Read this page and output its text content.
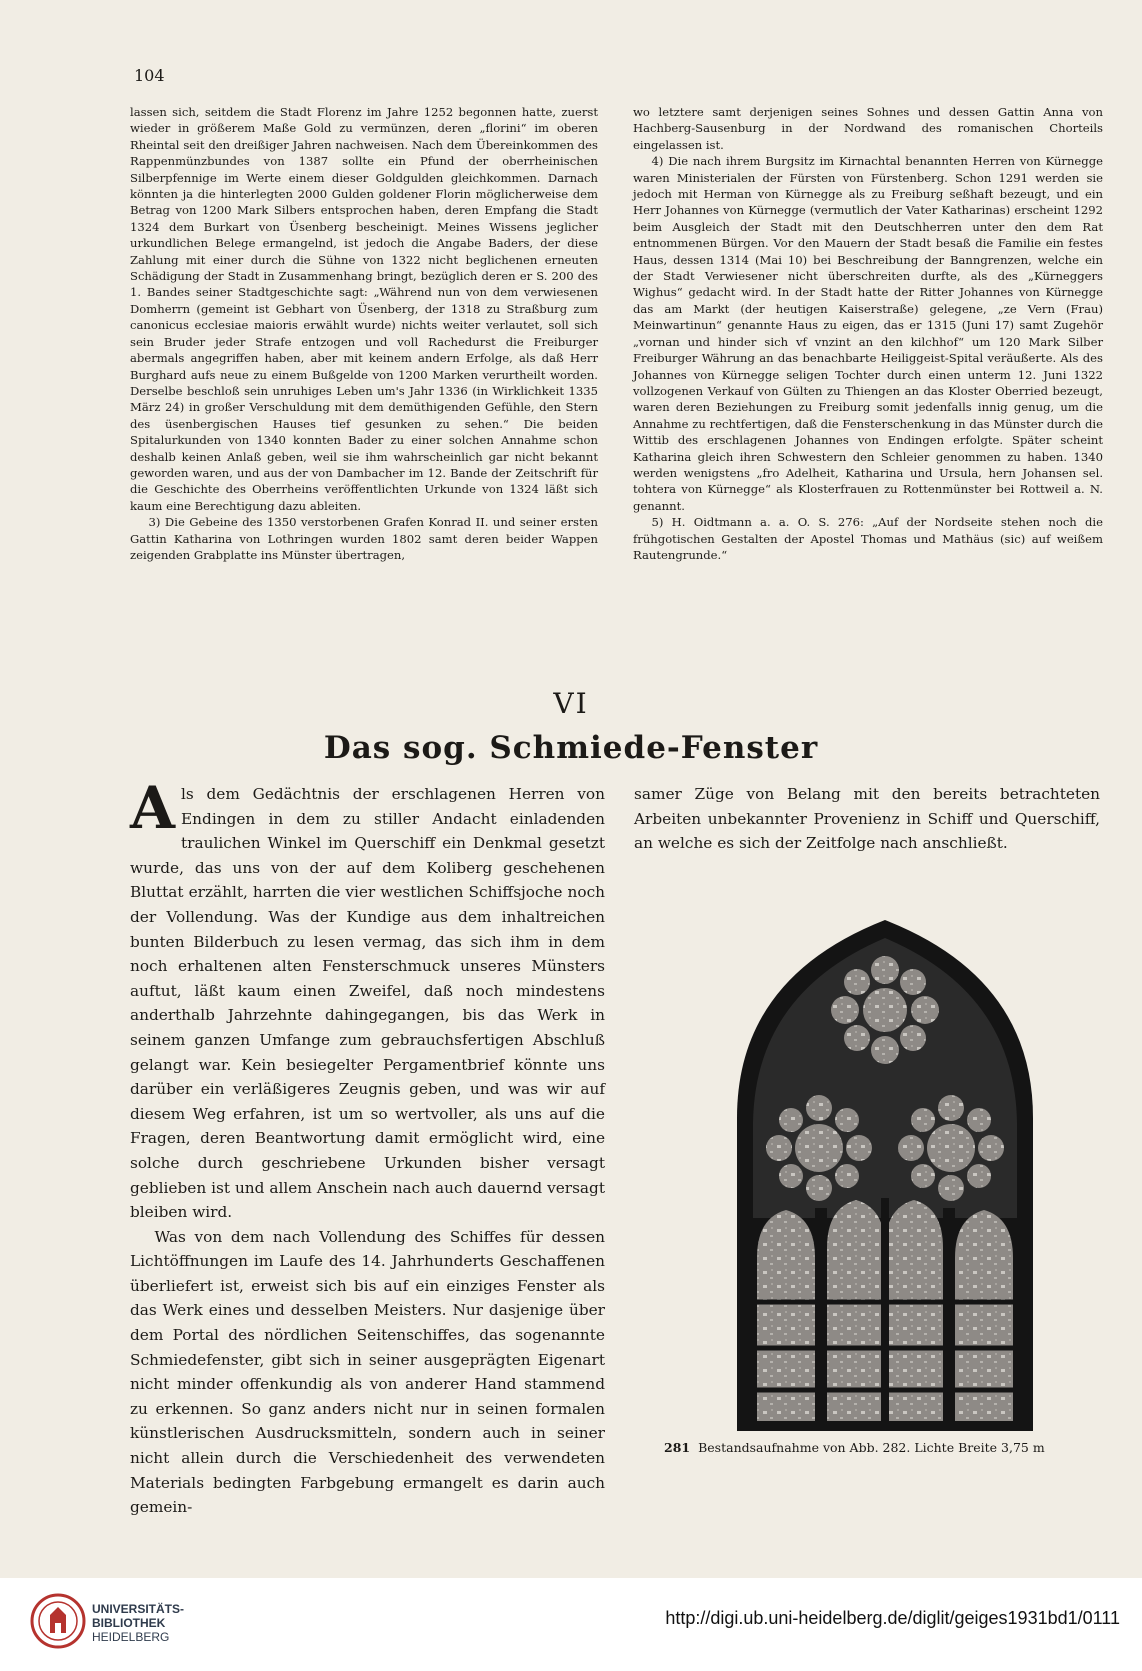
104

lassen sich, seitdem die Stadt Florenz im Jahre 1252 begonnen hatte, zuerst wieder in größerem Maße Gold zu vermünzen, deren „florini“ im oberen Rheintal seit den dreißiger Jahren nachweisen. Nach dem Übereinkommen des Rappenmünzbundes von 1387 sollte ein Pfund der oberrheinischen Silberpfennige im Werte einem dieser Goldgulden gleichkommen. Darnach könnten ja die hinterlegten 2000 Gulden goldener Florin möglicherweise dem Betrag von 1200 Mark Silbers entsprochen haben, deren Empfang die Stadt 1324 dem Burkart von Üsenberg bescheinigt. Meines Wissens jeglicher urkundlichen Belege ermangelnd, ist jedoch die Angabe Baders, der diese Zahlung mit einer durch die Sühne von 1322 nicht beglichenen erneuten Schädigung der Stadt in Zusammenhang bringt, bezüglich deren er S. 200 des 1. Bandes seiner Stadtgeschichte sagt: „Während nun von dem verwiesenen Domherrn (gemeint ist Gebhart von Üsenberg, der 1318 zu Straßburg zum canonicus ecclesiae maioris erwählt wurde) nichts weiter verlautet, soll sich sein Bruder jeder Strafe entzogen und voll Rachedurst die Freiburger abermals angegriffen haben, aber mit keinem andern Erfolge, als daß Herr Burghard aufs neue zu einem Bußgelde von 1200 Marken verurtheilt worden. Derselbe beschloß sein unruhiges Leben um's Jahr 1336 (in Wirklichkeit 1335 März 24) in großer Verschuldung mit dem demüthigenden Gefühle, den Stern des üsenbergischen Hauses tief gesunken zu sehen.“ Die beiden Spitalurkunden von 1340 konnten Bader zu einer solchen Annahme schon deshalb keinen Anlaß geben, weil sie ihm wahrscheinlich gar nicht bekannt geworden waren, und aus der von Dambacher im 12. Bande der Zeitschrift für die Geschichte des Oberrheins veröffentlichten Urkunde von 1324 läßt sich kaum eine Berechtigung dazu ableiten.

3) Die Gebeine des 1350 verstorbenen Grafen Konrad II. und seiner ersten Gattin Katharina von Lothringen wurden 1802 samt deren beider Wappen zeigenden Grabplatte ins Münster übertragen,

wo letztere samt derjenigen seines Sohnes und dessen Gattin Anna von Hachberg-Sausenburg in der Nordwand des romanischen Chorteils eingelassen ist.

4) Die nach ihrem Burgsitz im Kirnachtal benannten Herren von Kürnegge waren Ministerialen der Fürsten von Fürstenberg. Schon 1291 werden sie jedoch mit Herman von Kürnegge als zu Freiburg seßhaft bezeugt, und ein Herr Johannes von Kürnegge (vermutlich der Vater Katharinas) erscheint 1292 beim Ausgleich der Stadt mit den Deutschherren unter den dem Rat entnommenen Bürgen. Vor den Mauern der Stadt besaß die Familie ein festes Haus, dessen 1314 (Mai 10) bei Beschreibung der Banngrenzen, welche ein der Stadt Verwiesener nicht überschreiten durfte, als des „Kürneggers Wighus“ gedacht wird. In der Stadt hatte der Ritter Johannes von Kürnegge das am Markt (der heutigen Kaiserstraße) gelegene, „ze Vern (Frau) Meinwartinun“ genannte Haus zu eigen, das er 1315 (Juni 17) samt Zugehör „vornan und hinder sich vf vnzint an den kilchhof“ um 120 Mark Silber Freiburger Währung an das benachbarte Heiliggeist-Spital veräußerte. Als des Johannes von Kürnegge seligen Tochter durch einen unterm 12. Juni 1322 vollzogenen Verkauf von Gülten zu Thiengen an das Kloster Oberried bezeugt, waren deren Beziehungen zu Freiburg somit jedenfalls innig genug, um die Annahme zu rechtfertigen, daß die Fensterschenkung in das Münster durch die Wittib des erschlagenen Johannes von Endingen erfolgte. Später scheint Katharina gleich ihren Schwestern den Schleier genommen zu haben. 1340 werden wenigstens „fro Adelheit, Katharina und Ursula, hern Johansen sel. tohtera von Kürnegge“ als Klosterfrauen zu Rottenmünster bei Rottweil a. N. genannt.

5) H. Oidtmann a. a. O. S. 276: „Auf der Nordseite stehen noch die frühgotischen Gestalten der Apostel Thomas und Mathäus (sic) auf weißem Rautengrunde.“

VI
Das sog. Schmiede-Fenster

Als dem Gedächtnis der erschlagenen Herren von Endingen in dem zu stiller Andacht einladenden traulichen Winkel im Querschiff ein Denkmal gesetzt wurde, das uns von der auf dem Koliberg geschehenen Bluttat erzählt, harrten die vier westlichen Schiffsjoche noch der Vollendung. Was der Kundige aus dem inhaltreichen bunten Bilderbuch zu lesen vermag, das sich ihm in dem noch erhaltenen alten Fensterschmuck unseres Münsters auftut, läßt kaum einen Zweifel, daß noch mindestens anderthalb Jahrzehnte dahingegangen, bis das Werk in seinem ganzen Umfange zum gebrauchsfertigen Abschluß gelangt war. Kein besiegelter Pergamentbrief könnte uns darüber ein verläßigeres Zeugnis geben, und was wir auf diesem Weg erfahren, ist um so wertvoller, als uns auf die Fragen, deren Beantwortung damit ermöglicht wird, eine solche durch geschriebene Urkunden bisher versagt geblieben ist und allem Anschein nach auch dauernd versagt bleiben wird.

Was von dem nach Vollendung des Schiffes für dessen Lichtöffnungen im Laufe des 14. Jahrhunderts Geschaffenen überliefert ist, erweist sich bis auf ein einziges Fenster als das Werk eines und desselben Meisters. Nur dasjenige über dem Portal des nördlichen Seitenschiffes, das sogenannte Schmiedefenster, gibt sich in seiner ausgeprägten Eigenart nicht minder offenkundig als von anderer Hand stammend zu erkennen. So ganz anders nicht nur in seinen formalen künstlerischen Ausdrucksmitteln, sondern auch in seiner nicht allein durch die Verschiedenheit des verwendeten Materials bedingten Farbgebung ermangelt es darin auch gemein-

samer Züge von Belang mit den bereits betrachteten Arbeiten unbekannter Provenienz in Schiff und Querschiff, an welche es sich der Zeitfolge nach anschließt.

281 Bestandsaufnahme von Abb. 282. Lichte Breite 3,75 m
UNIVERSITÄTS-
BIBLIOTHEK
HEIDELBERG
http://digi.ub.uni-heidelberg.de/diglit/geiges1931bd1/0111
